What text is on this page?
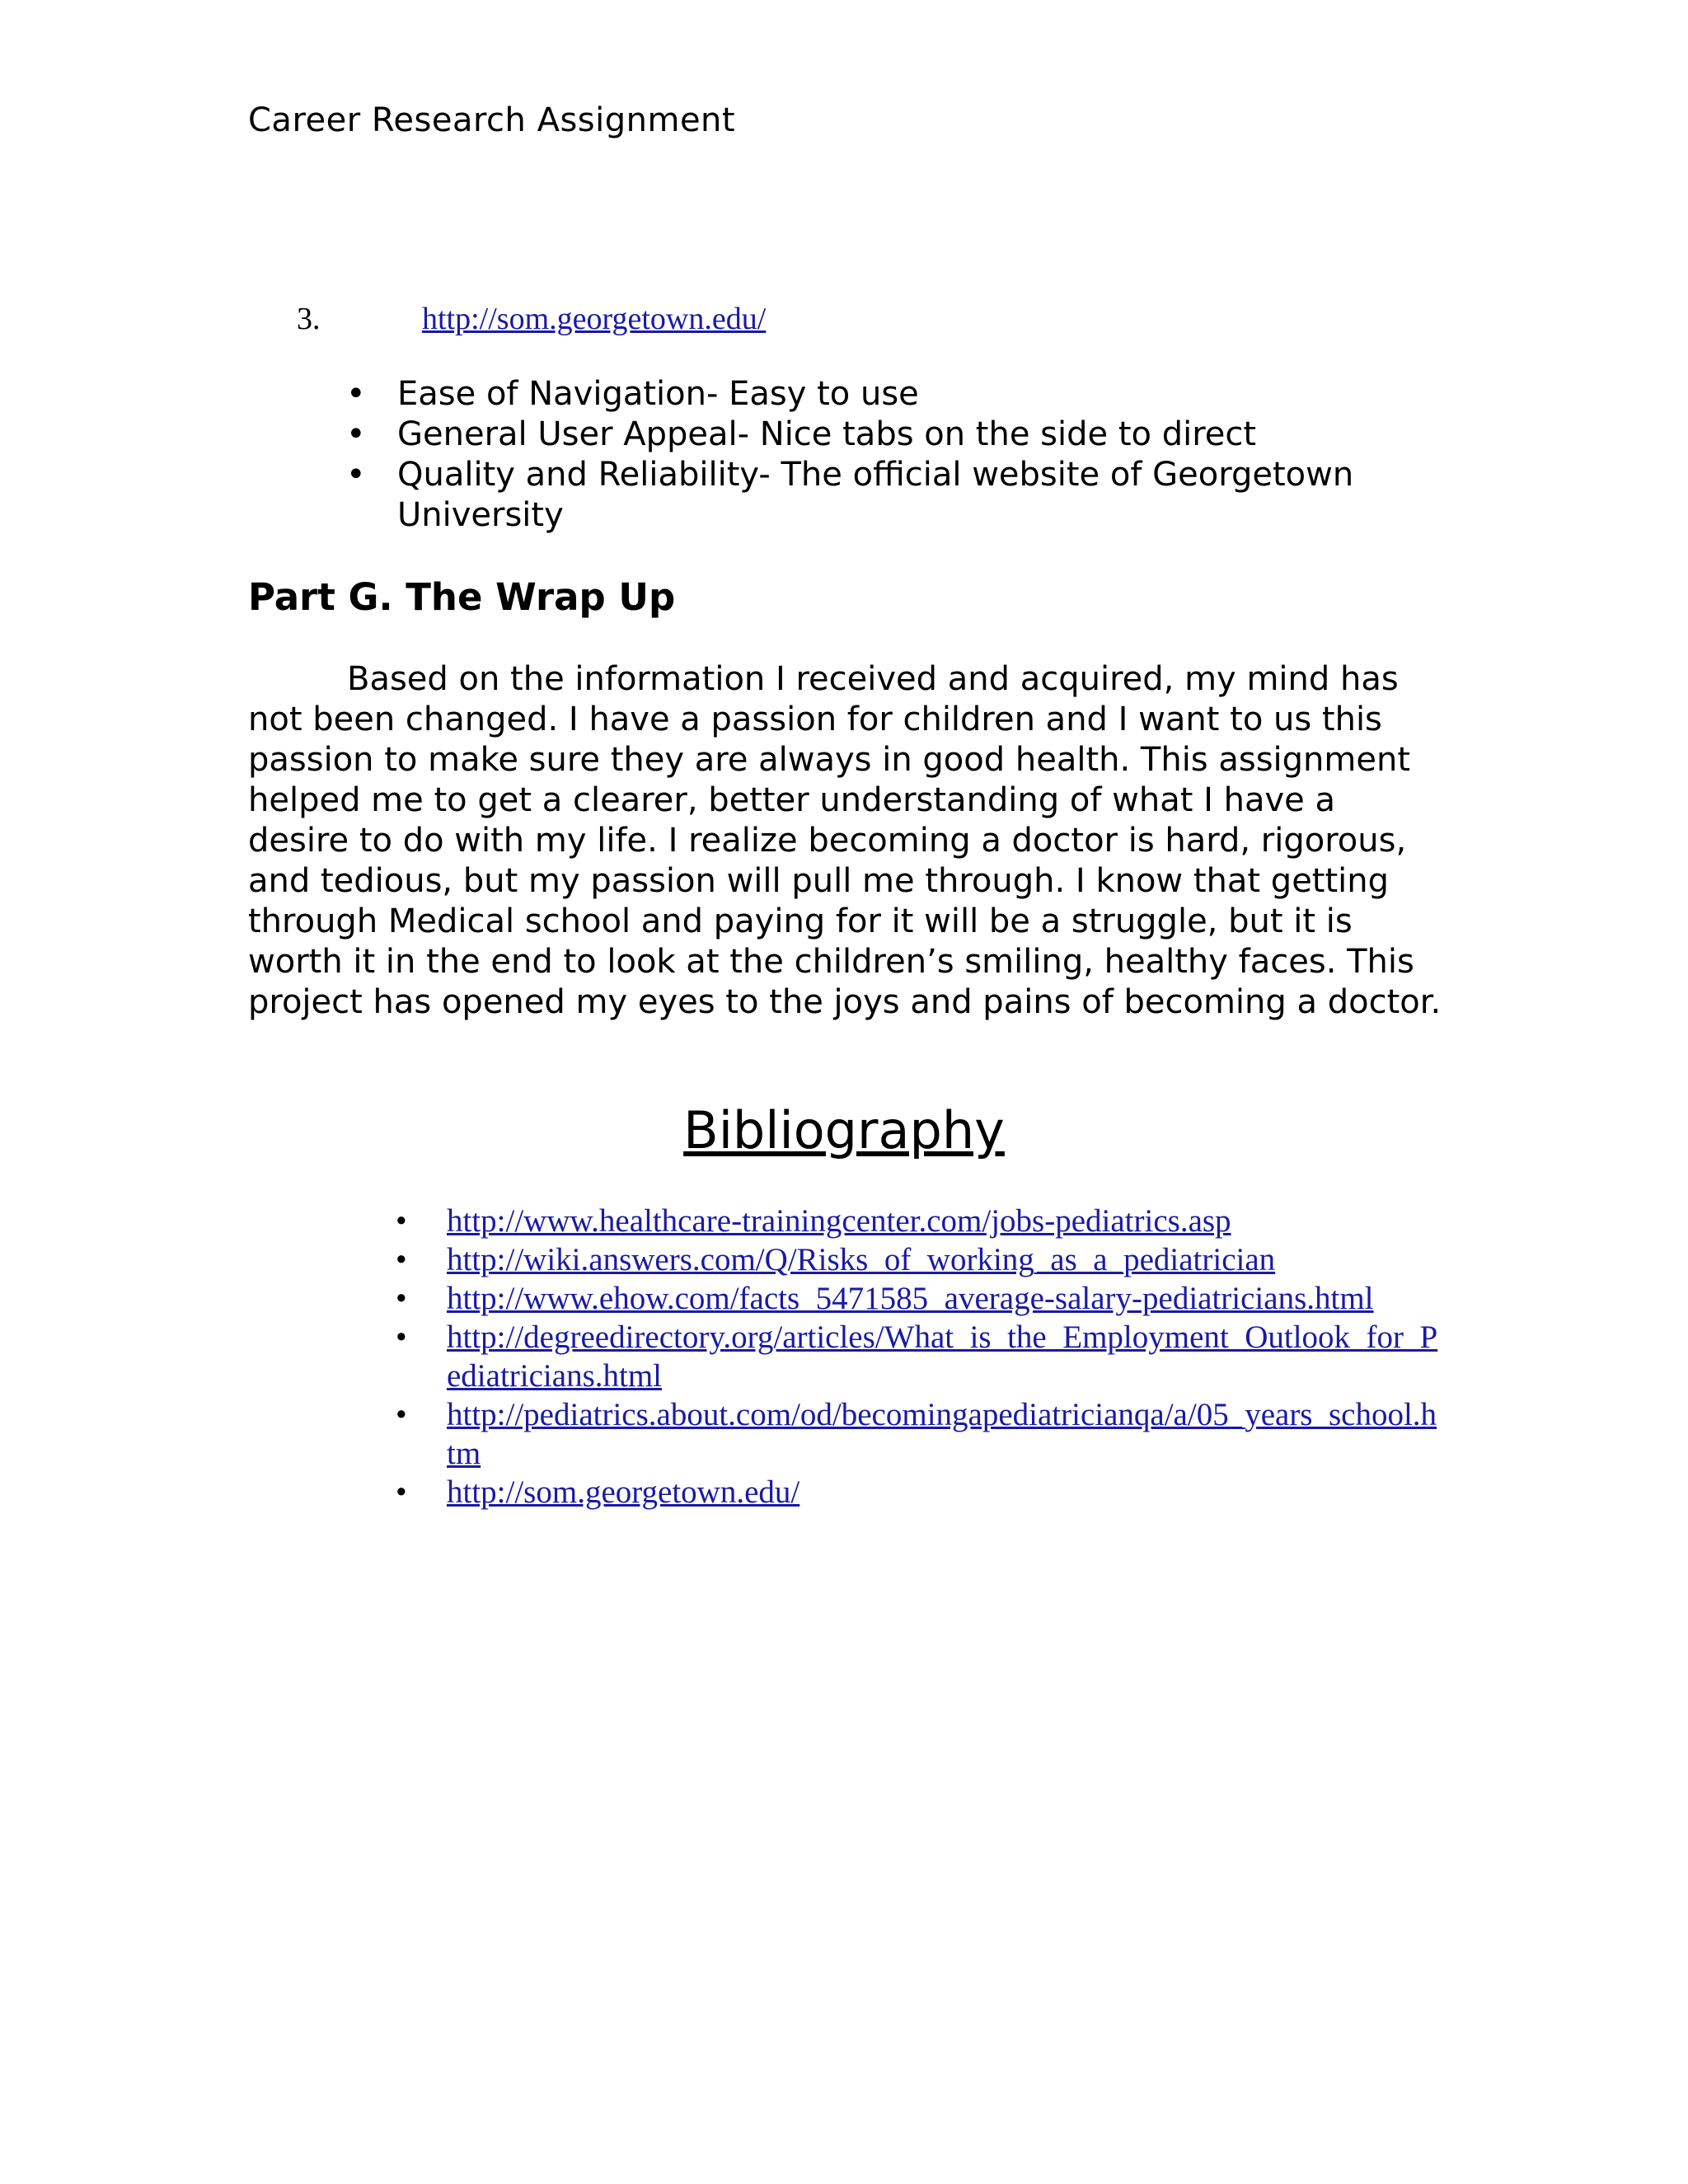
Career Research Assignment
3.	http://som.georgetown.edu/
• Ease of Navigation- Easy to use
• General User Appeal- Nice tabs on the side to direct
• Quality and Reliability- The official website of Georgetown University
Part G. The Wrap Up

Based on the information I received and acquired, my mind has not been changed. I have a passion for children and I want to us this passion to make sure they are always in good health. This assignment helped me to get a clearer, better understanding of what I have a desire to do with my life. I realize becoming a doctor is hard, rigorous, and tedious, but my passion will pull me through. I know that getting through Medical school and paying for it will be a struggle, but it is worth it in the end to look at the children’s smiling, healthy faces. This project has opened my eyes to the joys and pains of becoming a doctor.

Bibliography
• http://www.healthcare-trainingcenter.com/jobs-pediatrics.asp
• http://wiki.answers.com/Q/Risks_of_working_as_a_pediatrician
• http://www.ehow.com/facts_5471585_average-salary-pediatricians.html
• http://degreedirectory.org/articles/What_is_the_Employment_Outlook_for_Pediatricians.html
• http://pediatrics.about.com/od/becomingapediatricianqa/a/05_years_school.htm
• http://som.georgetown.edu/
